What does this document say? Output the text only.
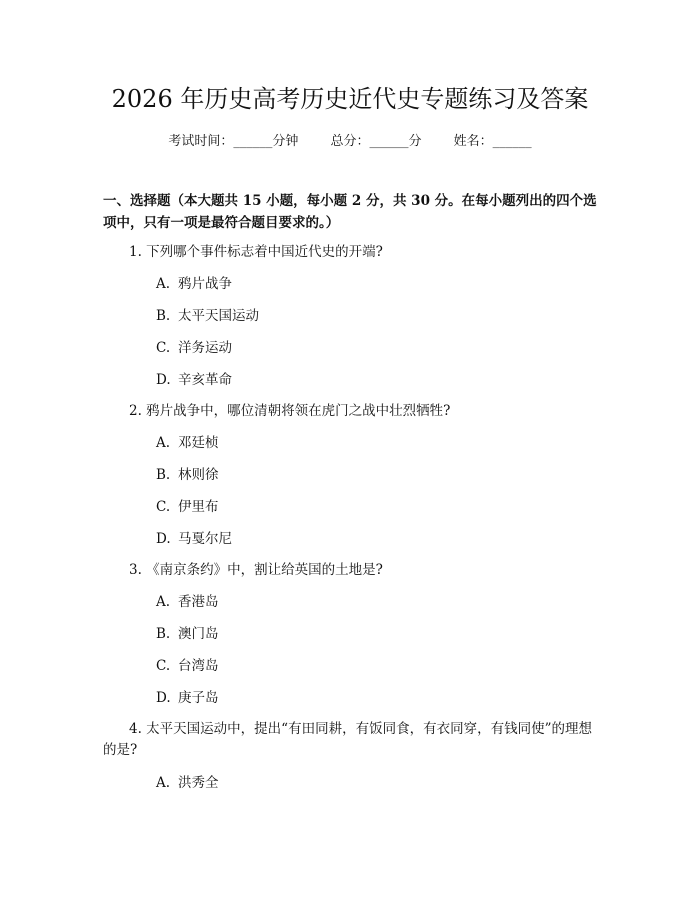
2026 年历史高考历史近代史专题练习及答案
考试时间：______分钟 总分：______分 姓名：______
一、选择题（本大题共 15 小题，每小题 2 分，共 30 分。在每小题列出的四个选项中，只有一项是最符合题目要求的。）
1. 下列哪个事件标志着中国近代史的开端?
A. 鸦片战争
B. 太平天国运动
C. 洋务运动
D. 辛亥革命
2. 鸦片战争中，哪位清朝将领在虎门之战中壮烈牺牲?
A. 邓廷桢
B. 林则徐
C. 伊里布
D. 马戛尔尼
3. 《南京条约》中，割让给英国的土地是?
A. 香港岛
B. 澳门岛
C. 台湾岛
D. 庚子岛
4. 太平天国运动中，提出“有田同耕，有饭同食，有衣同穿，有钱同使”的理想的是?
A. 洪秀全
